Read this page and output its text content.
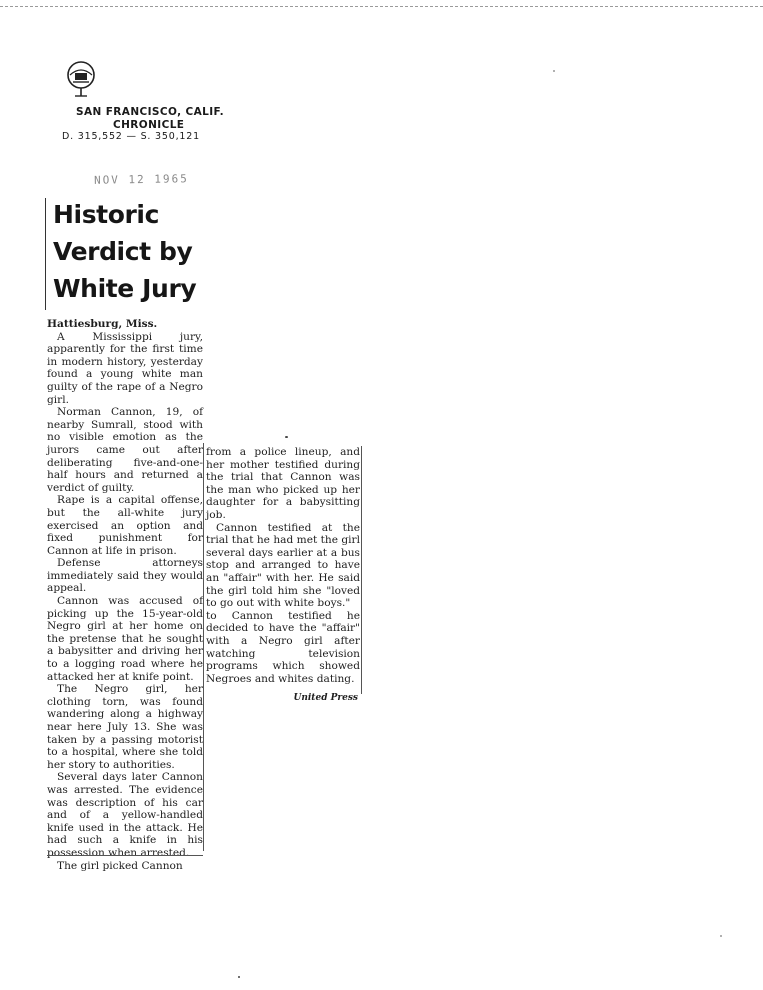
SAN FRANCISCO, CALIF.
CHRONICLE
D. 315,552 — S. 350,121
NOV 12 1965
Historic Verdict by White Jury

Hattiesburg, Miss.

A Mississippi jury, apparently for the first time in modern history, yesterday found a young white man guilty of the rape of a Negro girl.

Norman Cannon, 19, of nearby Sumrall, stood with no visible emotion as the jurors came out after deliberating five-and-one-half hours and returned a verdict of guilty.

Rape is a capital offense, but the all-white jury exercised an option and fixed punishment for Cannon at life in prison.

Defense attorneys immediately said they would appeal.

Cannon was accused of picking up the 15-year-old Negro girl at her home on the pretense that he sought a babysitter and driving her to a logging road where he attacked her at knife point.

The Negro girl, her clothing torn, was found wandering along a highway near here July 13. She was taken by a passing motorist to a hospital, where she told her story to authorities.

Several days later Cannon was arrested. The evidence was description of his car and of a yellow-handled knife used in the attack. He had such a knife in his possession when arrested.

The girl picked Cannon

from a police lineup, and her mother testified during the trial that Cannon was the man who picked up her daughter for a babysitting job.

Cannon testified at the trial that he had met the girl several days earlier at a bus stop and arranged to have an "affair" with her. He said the girl told him she "loved to go out with white boys."

to Cannon testified he decided to have the "affair" with a Negro girl after watching television programs which showed Negroes and whites dating.

United Press
